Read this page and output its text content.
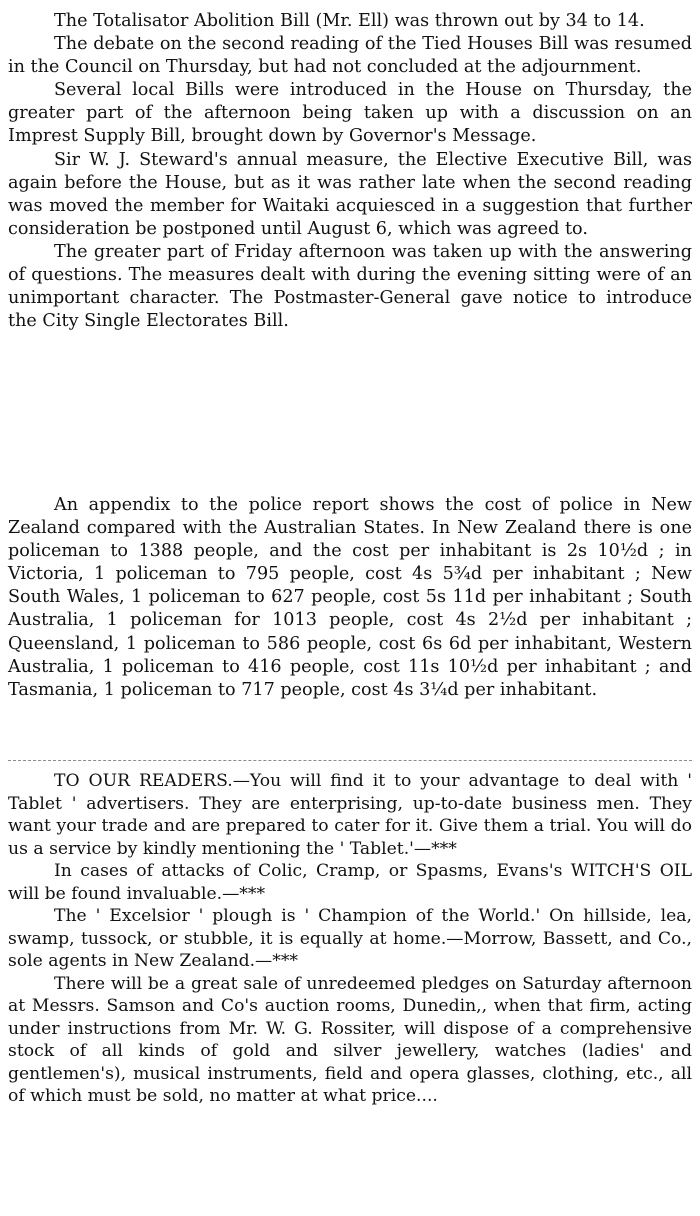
The Totalisator Abolition Bill (Mr. Ell) was thrown out by 34 to 14.

The debate on the second reading of the Tied Houses Bill was resumed in the Council on Thursday, but had not concluded at the adjournment.

Several local Bills were introduced in the House on Thursday, the greater part of the afternoon being taken up with a discussion on an Imprest Supply Bill, brought down by Governor's Message.

Sir W. J. Steward's annual measure, the Elective Executive Bill, was again before the House, but as it was rather late when the second reading was moved the member for Waitaki acquiesced in a suggestion that further consideration be postponed until August 6, which was agreed to.

The greater part of Friday afternoon was taken up with the answering of questions. The measures dealt with during the evening sitting were of an unimportant character. The Postmaster-General gave notice to introduce the City Single Electorates Bill.

An appendix to the police report shows the cost of police in New Zealand compared with the Australian States. In New Zealand there is one policeman to 1388 people, and the cost per inhabitant is 2s 10½d ; in Victoria, 1 policeman to 795 people, cost 4s 5¾d per inhabitant ; New South Wales, 1 policeman to 627 people, cost 5s 11d per inhabitant ; South Australia, 1 policeman for 1013 people, cost 4s 2½d per inhabitant ; Queensland, 1 policeman to 586 people, cost 6s 6d per inhabitant, Western Australia, 1 policeman to 416 people, cost 11s 10½d per inhabitant ; and Tasmania, 1 policeman to 717 people, cost 4s 3¼d per inhabitant.

TO OUR READERS.—You will find it to your advantage to deal with ' Tablet ' advertisers. They are enterprising, up-to-date business men. They want your trade and are prepared to cater for it. Give them a trial. You will do us a service by kindly mentioning the ' Tablet.'—***

In cases of attacks of Colic, Cramp, or Spasms, Evans's WITCH'S OIL will be found invaluable.—***

The ' Excelsior ' plough is ' Champion of the World.' On hillside, lea, swamp, tussock, or stubble, it is equally at home.—Morrow, Bassett, and Co., sole agents in New Zealand.—***

There will be a great sale of unredeemed pledges on Saturday afternoon at Messrs. Samson and Co's auction rooms, Dunedin,, when that firm, acting under instructions from Mr. W. G. Rossiter, will dispose of a comprehensive stock of all kinds of gold and silver jewellery, watches (ladies' and gentlemen's), musical instruments, field and opera glasses, clothing, etc., all of which must be sold, no matter at what price....
